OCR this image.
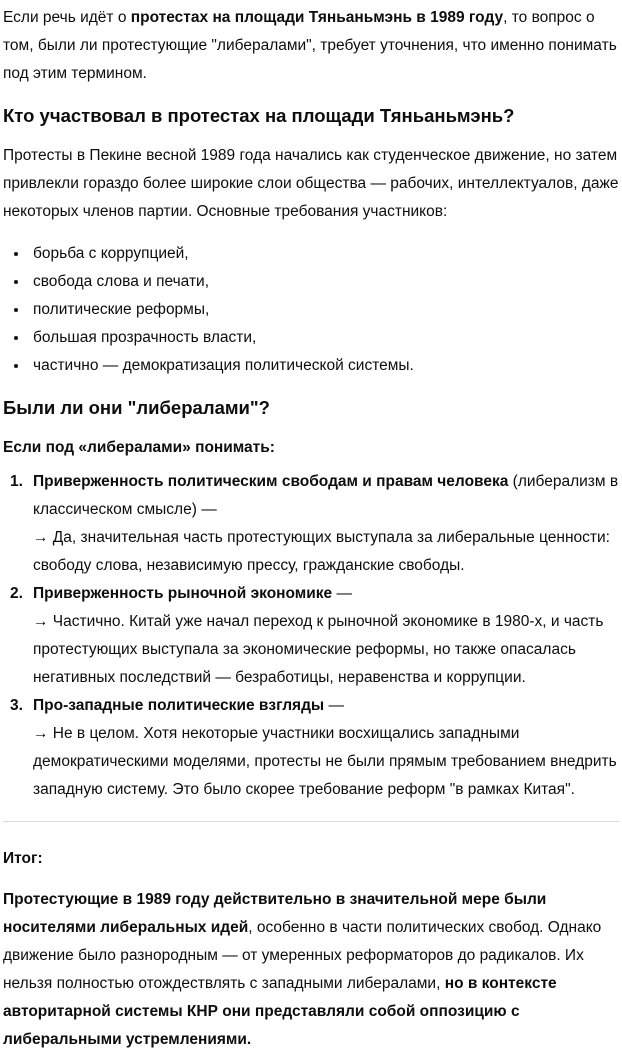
Если речь идёт о протестах на площади Тяньаньмэнь в 1989 году, то вопрос о том, были ли протестующие "либералами", требует уточнения, что именно понимать под этим термином.

Кто участвовал в протестах на площади Тяньаньмэнь?

Протесты в Пекине весной 1989 года начались как студенческое движение, но затем привлекли гораздо более широкие слои общества — рабочих, интеллектуалов, даже некоторых членов партии. Основные требования участников:

борьба с коррупцией,
свобода слова и печати,
политические реформы,
большая прозрачность власти,
частично — демократизация политической системы.
Были ли они "либералами"?

Если под «либералами» понимать:

1. Приверженность политическим свободам и правам человека (либерализм в классическом смысле) —
→ Да, значительная часть протестующих выступала за либеральные ценности: свободу слова, независимую прессу, гражданские свободы.
2. Приверженность рыночной экономике —
→ Частично. Китай уже начал переход к рыночной экономике в 1980-х, и часть протестующих выступала за экономические реформы, но также опасалась негативных последствий — безработицы, неравенства и коррупции.
3. Про-западные политические взгляды —
→ Не в целом. Хотя некоторые участники восхищались западными демократическими моделями, протесты не были прямым требованием внедрить западную систему. Это было скорее требование реформ "в рамках Китая".

Итог:

Протестующие в 1989 году действительно в значительной мере были носителями либеральных идей, особенно в части политических свобод. Однако движение было разнородным — от умеренных реформаторов до радикалов. Их нельзя полностью отождествлять с западными либералами, но в контексте авторитарной системы КНР они представляли собой оппозицию с либеральными устремлениями.
